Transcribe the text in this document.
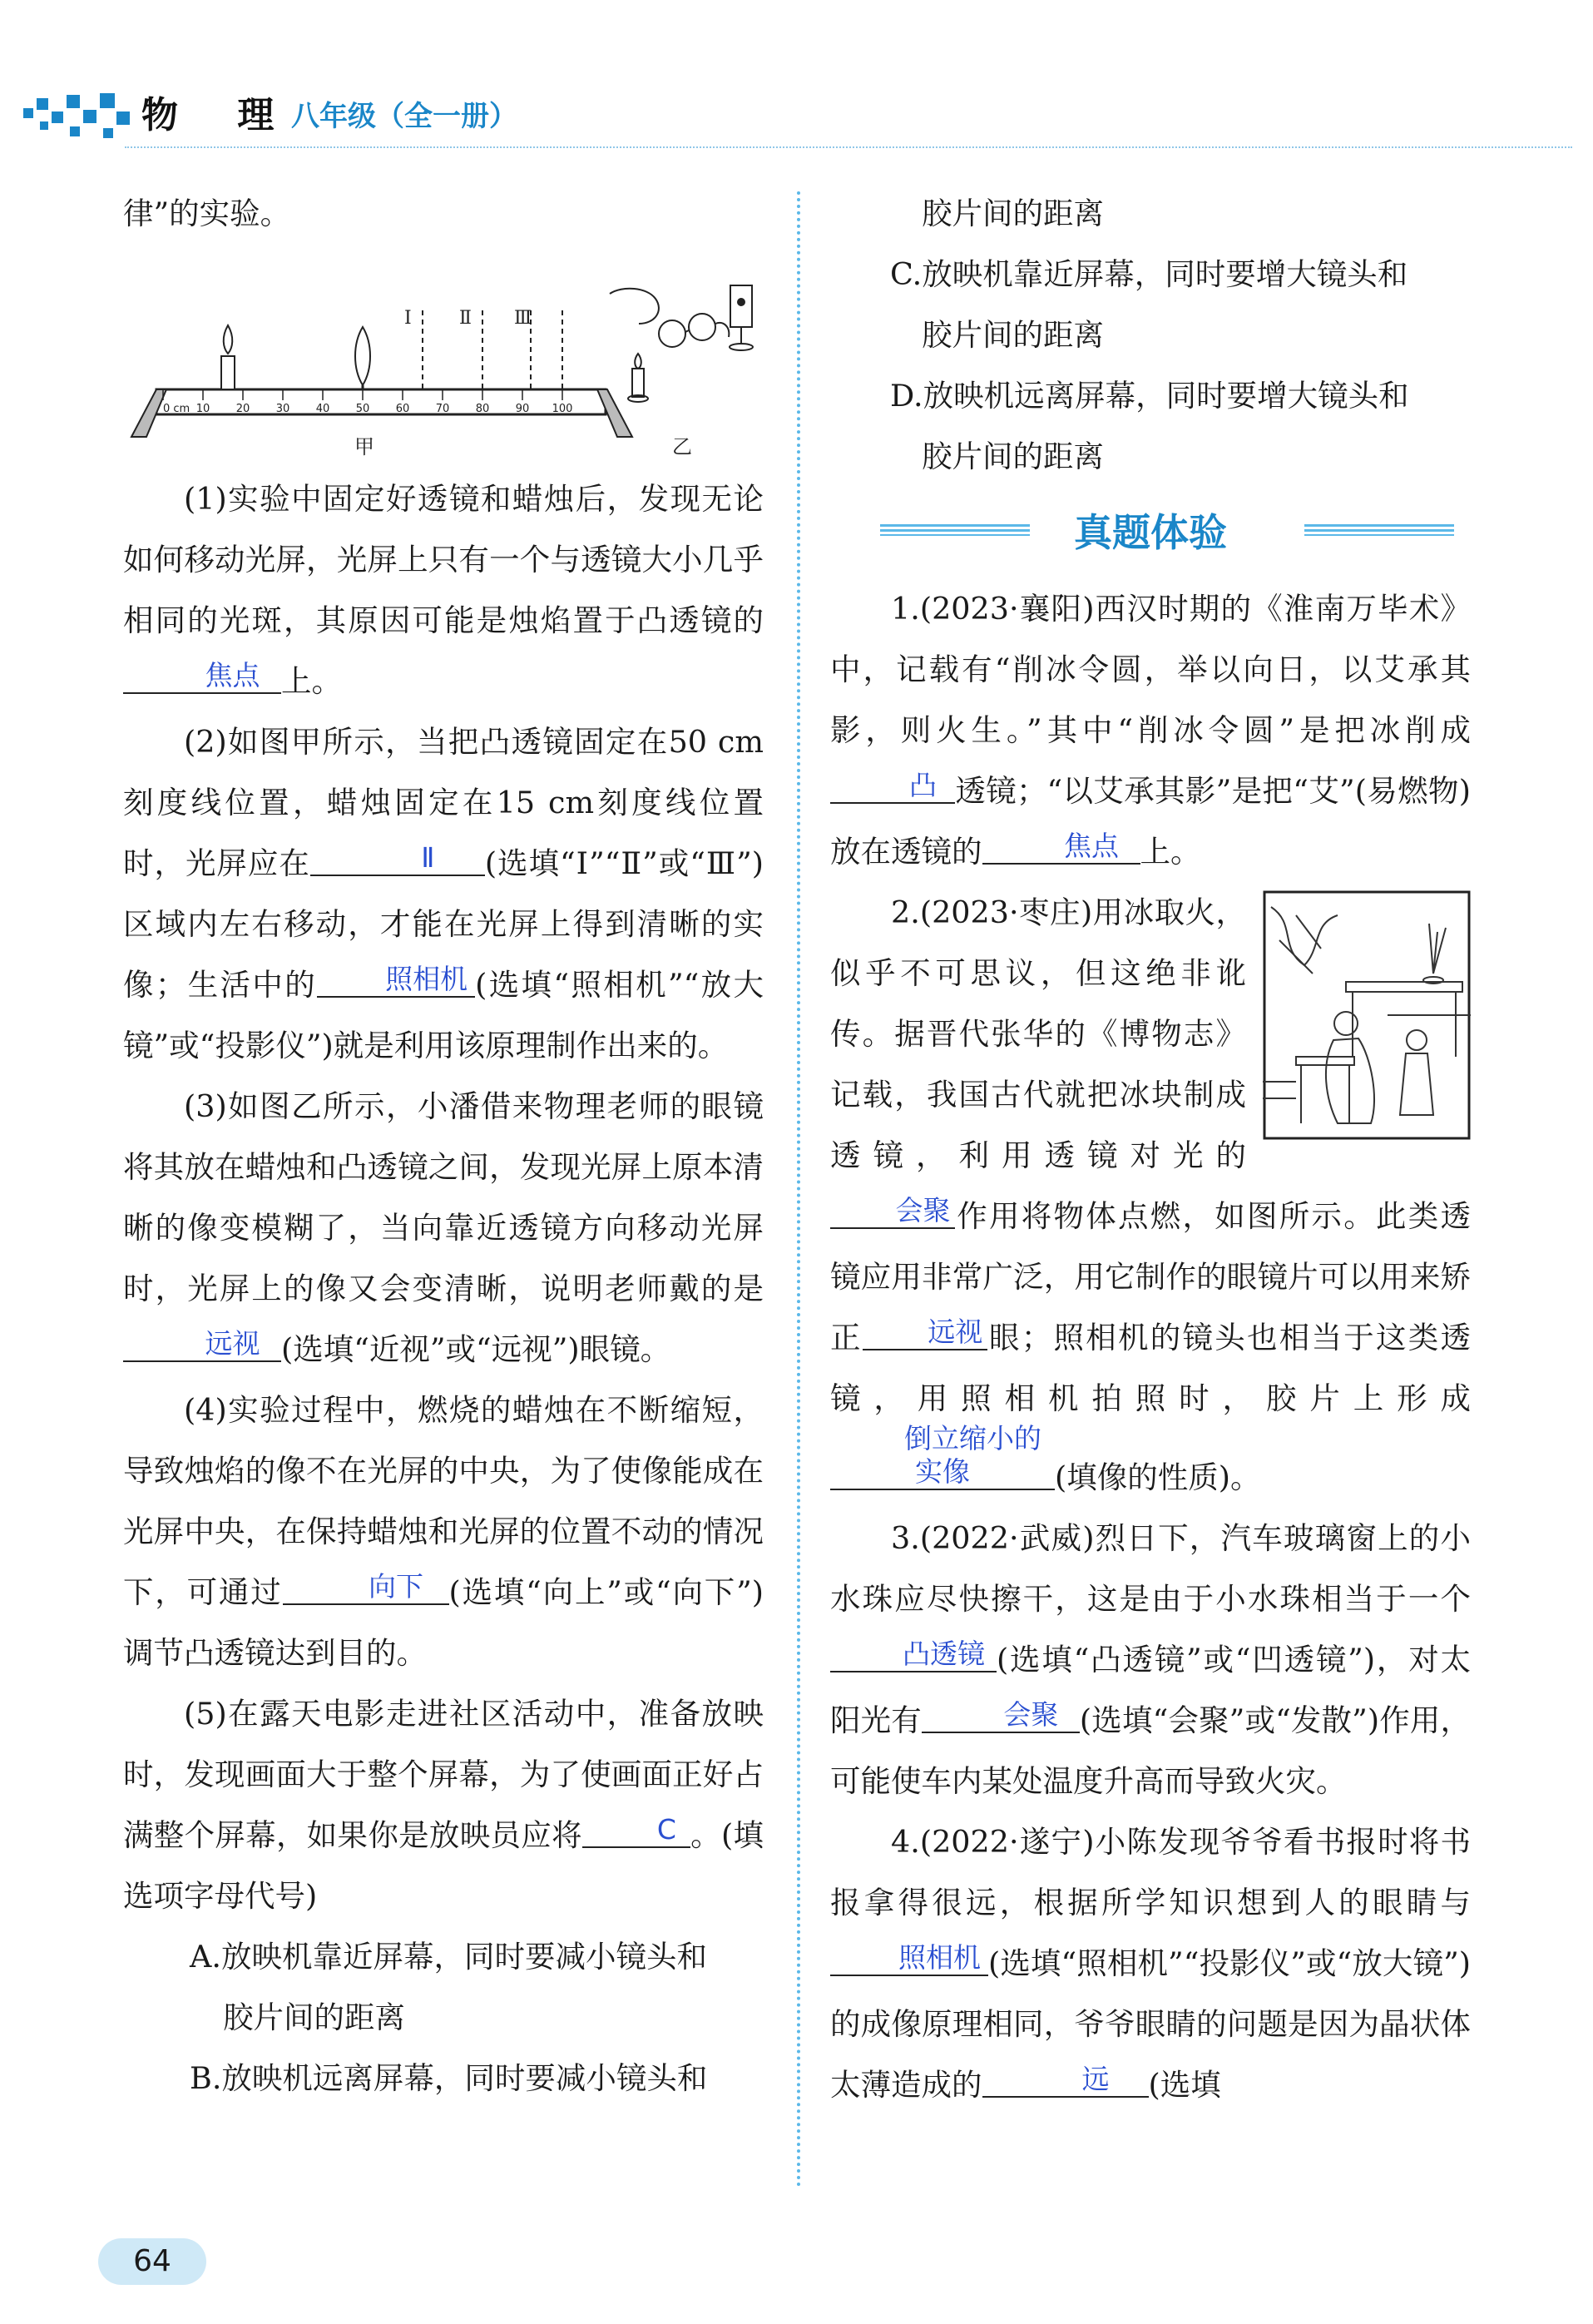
物 理
八年级（全一册）

律”的实验。

0 cm 10 20 30 40 50 60 70 80 90 100
Ⅰ	Ⅱ Ⅲ
甲	乙

(1)实验中固定好透镜和蜡烛后，发现无论如何移动光屏，光屏上只有一个与透镜大小几乎相同的光斑，其原因可能是烛焰置于凸透镜的焦点 上。

(2)如图甲所示，当把凸透镜固定在50 cm刻度线位置，蜡烛固定在15 cm刻度线位置时，光屏应在	Ⅱ (选填“Ⅰ”“Ⅱ”或“Ⅲ”)区域内左右移动，才能在光屏上得到清晰的实像；生活中的 照相机 (选填“照相机”“放大镜”或“投影仪”)就是利用该原理制作出来的。

(3)如图乙所示，小潘借来物理老师的眼镜将其放在蜡烛和凸透镜之间，发现光屏上原本清晰的像变模糊了，当向靠近透镜方向移动光屏时，光屏上的像又会变清晰，说明老师戴的是远视 (选填“近视”或“远视”)眼镜。

(4)实验过程中，燃烧的蜡烛在不断缩短，导致烛焰的像不在光屏的中央，为了使像能成在光屏中央，在保持蜡烛和光屏的位置不动的情况下，可通过	向下 (选填“向上”或“向下”)调节凸透镜达到目的。

(5)在露天电影走进社区活动中，准备放映时，发现画面大于整个屏幕，为了使画面正好占满整个屏幕，如果你是放映员应将	C 。(填选项字母代号)

A.放映机靠近屏幕，同时要减小镜头和

胶片间的距离

B.放映机远离屏幕，同时要减小镜头和

胶片间的距离

C.放映机靠近屏幕，同时要增大镜头和

胶片间的距离

D.放映机远离屏幕，同时要增大镜头和

胶片间的距离

真题体验

1.(2023·襄阳)西汉时期的《淮南万毕术》中，记载有“削冰令圆，举以向日，以艾承其影，则火生。”其中“削冰令圆”是把冰削成凸 透镜；“以艾承其影”是把“艾”(易燃物)放在透镜的	焦点 上。

2.(2023·枣庄)用冰取火，似乎不可思议，但这绝非讹传。据晋代张华的《博物志》记载，我国古代就把冰块制成透镜，利用透镜对光的会聚 作用将物体点燃，如图所示。此类透镜应用非常广泛，用它制作的眼镜片可以用来矫正 远视 眼；照相机的镜头也相当于这类透镜，用照相机拍照时，胶片上形成倒立缩小的实像	(填像的性质)。

3.(2022·武威)烈日下，汽车玻璃窗上的小水珠应尽快擦干，这是由于小水珠相当于一个凸透镜 (选填“凸透镜”或“凹透镜”)，对太阳光有	会聚 (选填“会聚”或“发散”)作用，可能使车内某处温度升高而导致火灾。

4.(2022·遂宁)小陈发现爷爷看书报时将书报拿得很远，根据所学知识想到人的眼睛与照相机 (选填“照相机”“投影仪”或“放大镜”)的成像原理相同，爷爷眼睛的问题是因为晶状体太薄造成的	远 (选填

64
